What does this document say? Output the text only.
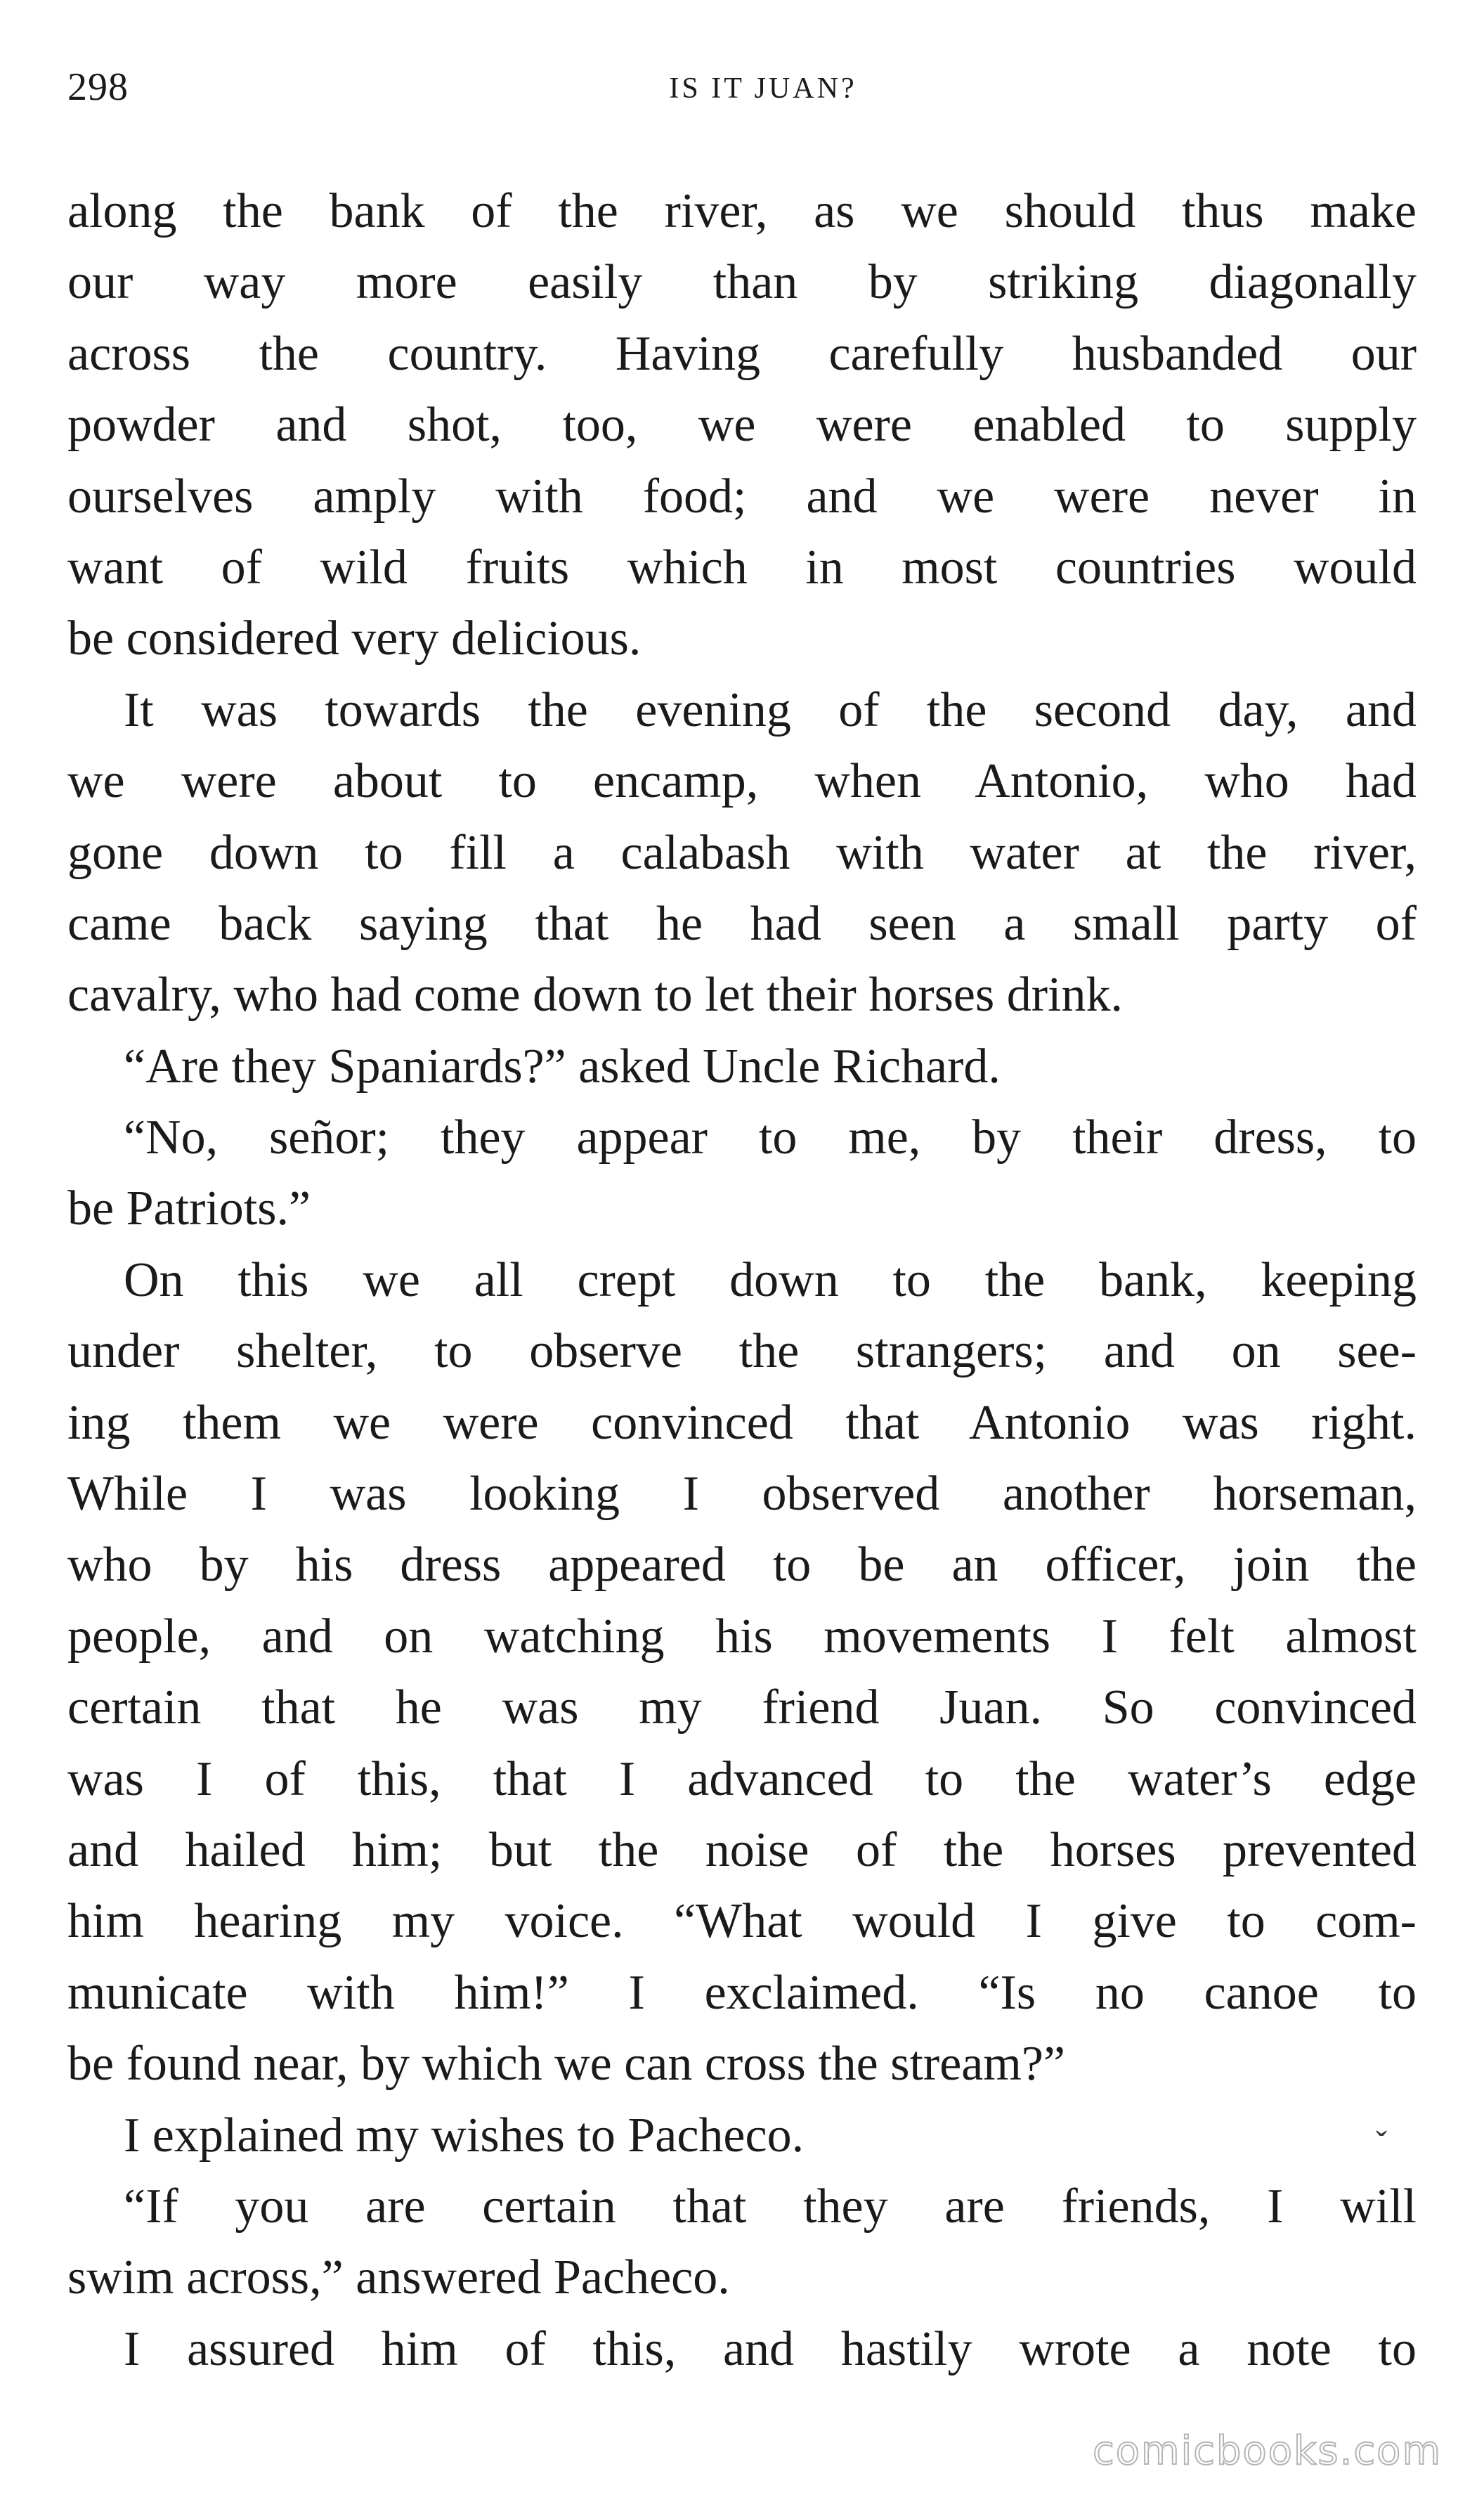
298	IS IT JUAN?
along the bank of the river, as we should thus make
our way more easily than by striking diagonally
across the country. Having carefully husbanded our
powder and shot, too, we were enabled to supply
ourselves amply with food; and we were never in
want of wild fruits which in most countries would
be considered very delicious.
It was towards the evening of the second day, and
we were about to encamp, when Antonio, who had
gone down to fill a calabash with water at the river,
came back saying that he had seen a small party of
cavalry, who had come down to let their horses drink.
“Are they Spaniards?” asked Uncle Richard.
“No, señor; they appear to me, by their dress, to
be Patriots.”
On this we all crept down to the bank, keeping
under shelter, to observe the strangers; and on see-
ing them we were convinced that Antonio was right.
While I was looking I observed another horseman,
who by his dress appeared to be an officer, join the
people, and on watching his movements I felt almost
certain that he was my friend Juan. So convinced
was I of this, that I advanced to the water’s edge
and hailed him; but the noise of the horses prevented
him hearing my voice. “What would I give to com-
municate with him!” I exclaimed. “Is no canoe to
be found near, by which we can cross the stream?”
I explained my wishes to Pacheco.
“If you are certain that they are friends, I will
swim across,” answered Pacheco.
I assured him of this, and hastily wrote a note to
ˇ
comicbooks.com
